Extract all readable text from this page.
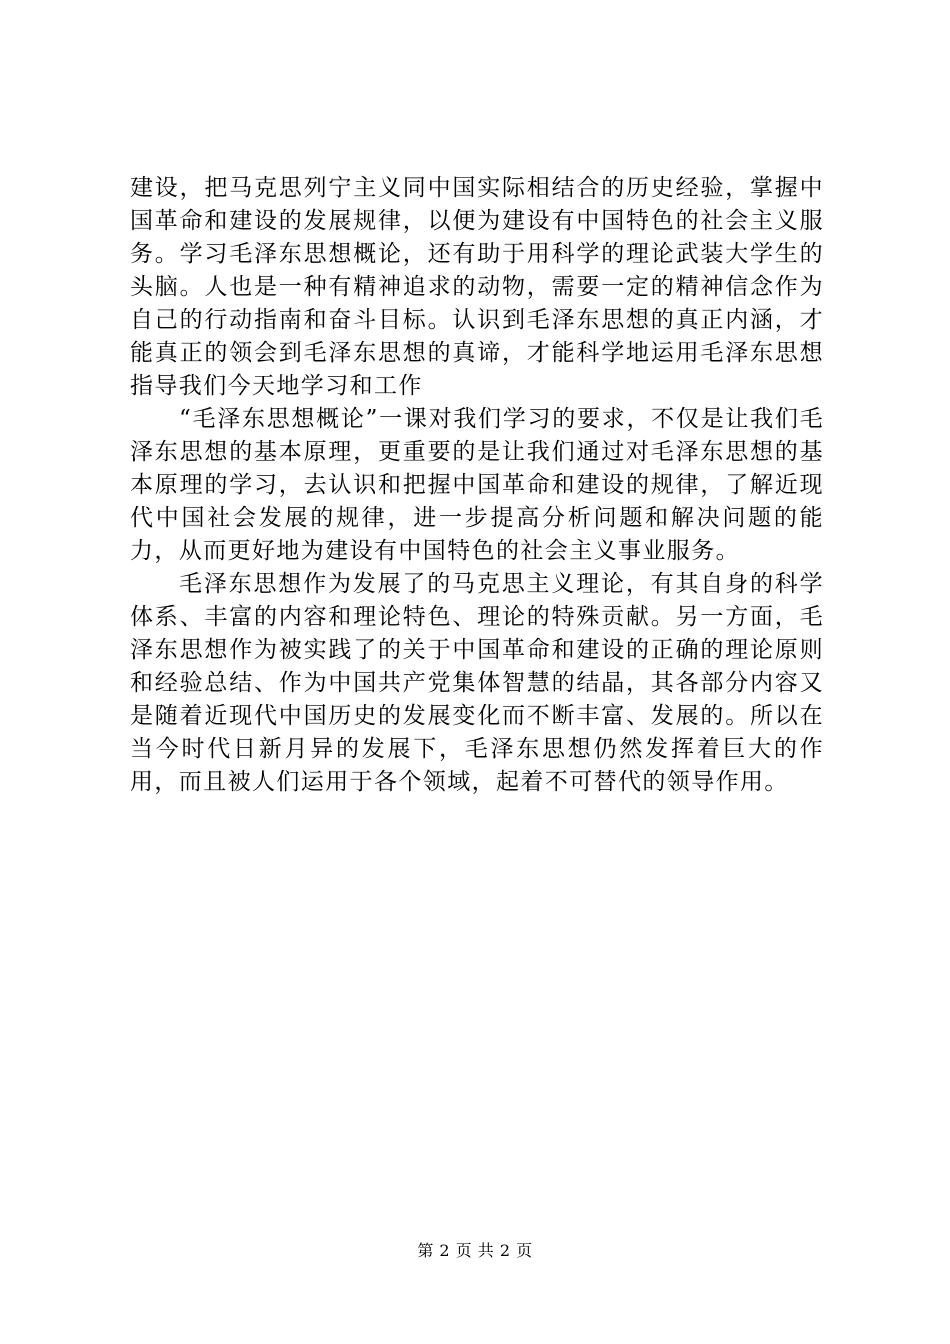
建设，把马克思列宁主义同中国实际相结合的历史经验，掌握中国革命和建设的发展规律，以便为建设有中国特色的社会主义服务。学习毛泽东思想概论，还有助于用科学的理论武装大学生的头脑。人也是一种有精神追求的动物，需要一定的精神信念作为自己的行动指南和奋斗目标。认识到毛泽东思想的真正内涵，才能真正的领会到毛泽东思想的真谛，才能科学地运用毛泽东思想指导我们今天地学习和工作

“毛泽东思想概论”一课对我们学习的要求，不仅是让我们毛泽东思想的基本原理，更重要的是让我们通过对毛泽东思想的基本原理的学习，去认识和把握中国革命和建设的规律，了解近现代中国社会发展的规律，进一步提高分析问题和解决问题的能力，从而更好地为建设有中国特色的社会主义事业服务。

毛泽东思想作为发展了的马克思主义理论，有其自身的科学体系、丰富的内容和理论特色、理论的特殊贡献。另一方面，毛泽东思想作为被实践了的关于中国革命和建设的正确的理论原则和经验总结、作为中国共产党集体智慧的结晶，其各部分内容又是随着近现代中国历史的发展变化而不断丰富、发展的。所以在当今时代日新月异的发展下，毛泽东思想仍然发挥着巨大的作用，而且被人们运用于各个领域，起着不可替代的领导作用。

第 2 页 共 2 页
